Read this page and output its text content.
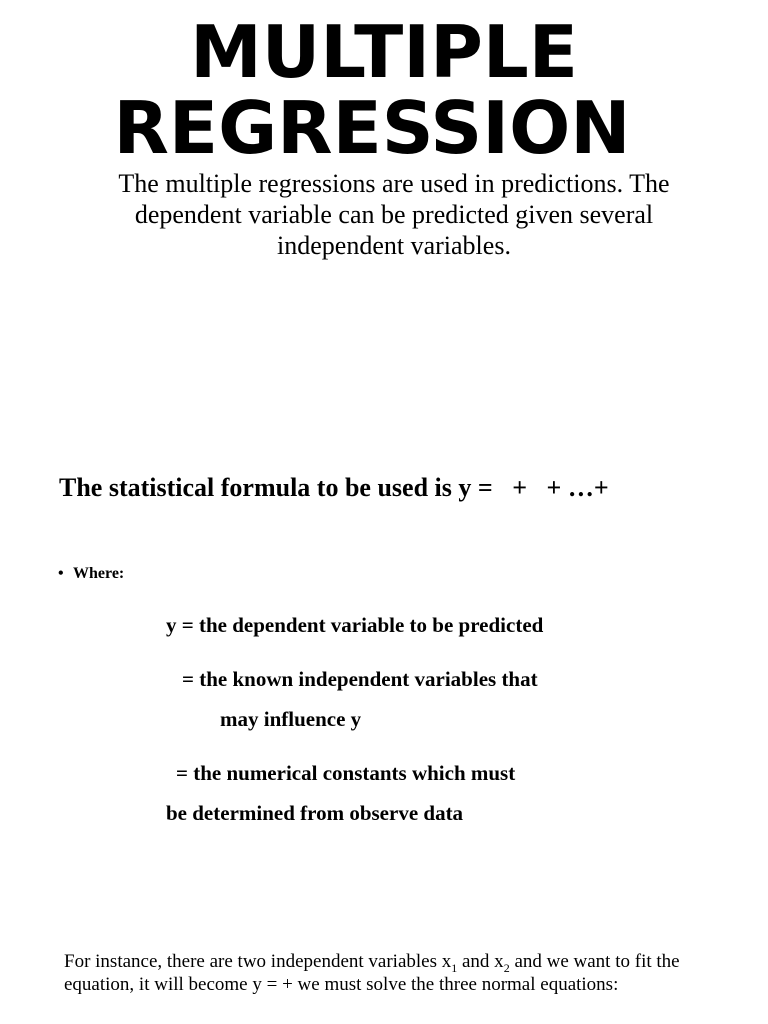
MULTIPLE
REGRESSION

The multiple regressions are used in predictions. The dependent variable can be predicted given several independent variables.

The statistical formula to be used is y =   +   + …+

• Where:
y = the dependent variable to be predicted
= the known independent variables that
may influence y
= the numerical constants which must
be determined from observe data

For instance, there are two independent variables $x_1$ and $x_2$ and we want to fit the equation, it will become y = + we must solve the three normal equations:
